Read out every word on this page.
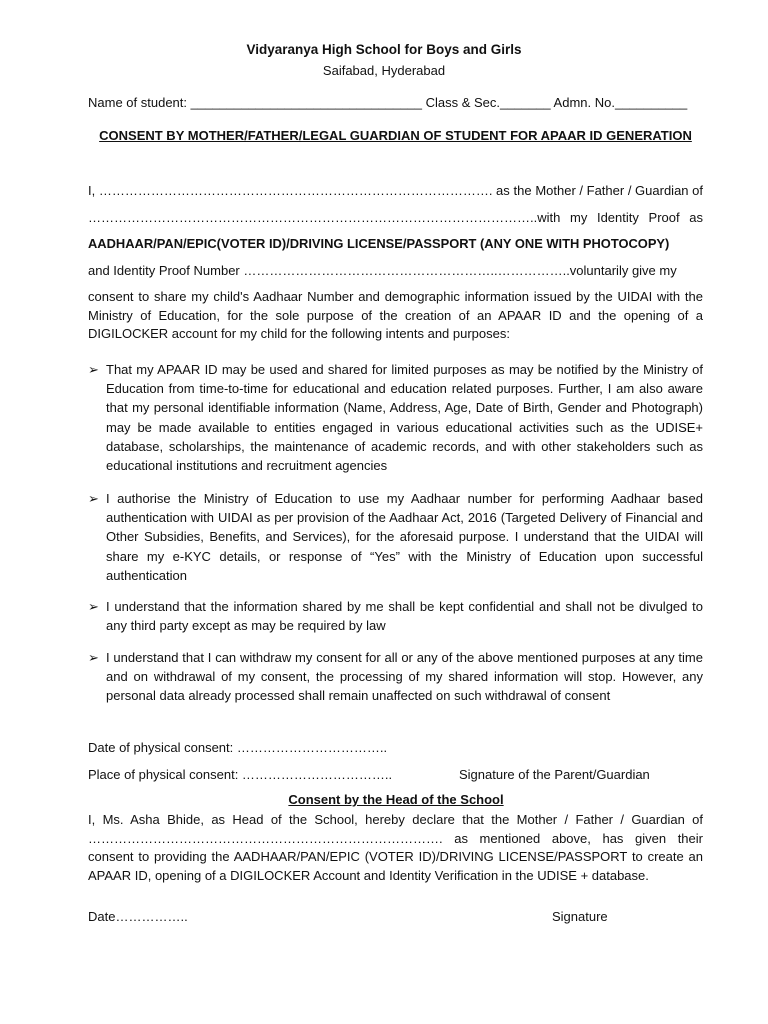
Vidyaranya High School for Boys and Girls
Saifabad, Hyderabad
Name of student: ________________________________ Class & Sec._______ Admn. No.__________
CONSENT BY MOTHER/FATHER/LEGAL GUARDIAN OF STUDENT FOR APAAR ID GENERATION
I, ………………………………………………………………………………. as the Mother / Father / Guardian of
…………………………………………………………………………………………..with my Identity Proof as
AADHAAR/PAN/EPIC(VOTER ID)/DRIVING LICENSE/PASSPORT (ANY ONE WITH PHOTOCOPY)
and Identity Proof Number …………………………………………………..……………..voluntarily give my
consent to share my child's Aadhaar Number and demographic information issued by the UIDAI with the Ministry of Education, for the sole purpose of the creation of an APAAR ID and the opening of a DIGILOCKER account for my child for the following intents and purposes:
➢ That my APAAR ID may be used and shared for limited purposes as may be notified by the Ministry of Education from time-to-time for educational and education related purposes. Further, I am also aware that my personal identifiable information (Name, Address, Age, Date of Birth, Gender and Photograph) may be made available to entities engaged in various educational activities such as the UDISE+ database, scholarships, the maintenance of academic records, and with other stakeholders such as educational institutions and recruitment agencies
➢ I authorise the Ministry of Education to use my Aadhaar number for performing Aadhaar based authentication with UIDAI as per provision of the Aadhaar Act, 2016 (Targeted Delivery of Financial and Other Subsidies, Benefits, and Services), for the aforesaid purpose. I understand that the UIDAI will share my e-KYC details, or response of “Yes” with the Ministry of Education upon successful authentication
➢ I understand that the information shared by me shall be kept confidential and shall not be divulged to any third party except as may be required by law
➢ I understand that I can withdraw my consent for all or any of the above mentioned purposes at any time and on withdrawal of my consent, the processing of my shared information will stop. However, any personal data already processed shall remain unaffected on such withdrawal of consent
Date of physical consent: ……………………………..
Place of physical consent: ……………………………..	Signature of the Parent/Guardian
Consent by the Head of the School
I, Ms. Asha Bhide, as Head of the School, hereby declare that the Mother / Father / Guardian of ………………………………………………………………………. as mentioned above, has given their consent to providing the AADHAAR/PAN/EPIC (VOTER ID)/DRIVING LICENSE/PASSPORT to create an APAAR ID, opening of a DIGILOCKER Account and Identity Verification in the UDISE + database.
Date……………..	Signature
